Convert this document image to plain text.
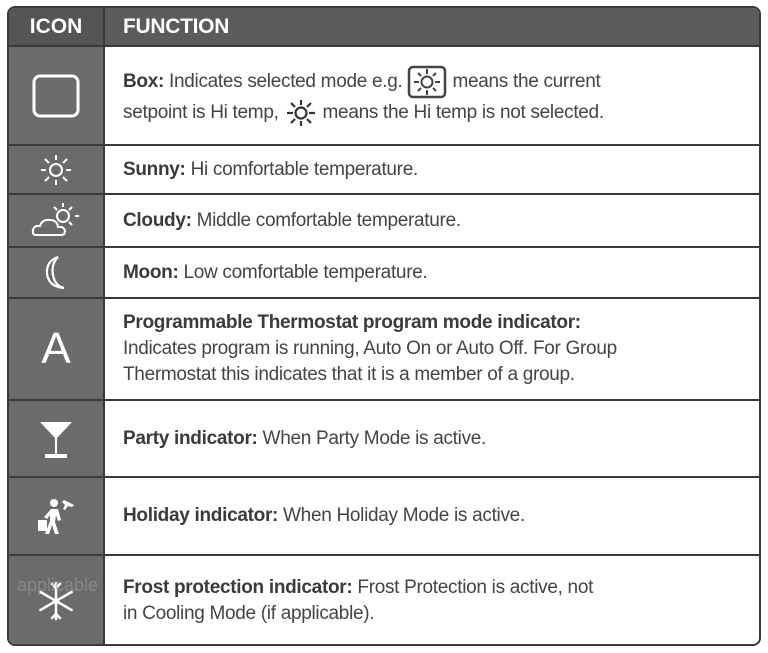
ICON FUNCTION
Box: Indicates selected mode e.g.	means the current
setpoint is Hi temp,  means the Hi temp is not selected.
Sunny: Hi comfortable temperature.
Cloudy: Middle comfortable temperature.
Moon: Low comfortable temperature.
A
Programmable Thermostat program mode indicator:
Indicates program is running, Auto On or Auto Off. For Group
Thermostat this indicates that it is a member of a group.
Party indicator: When Party Mode is active.
Holiday indicator: When Holiday Mode is active.
applicable Frost protection indicator: Frost Protection is active, not
in Cooling Mode (if applicable).
